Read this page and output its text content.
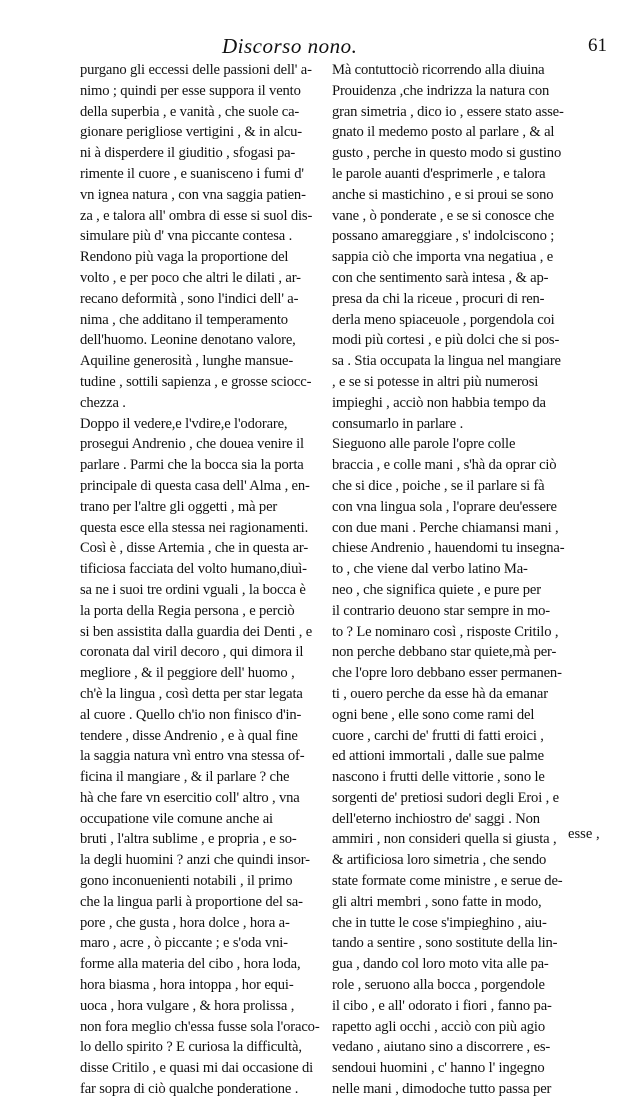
Discorso nono.	61
purgano gli eccessi delle passioni dell' a-
nimo ; quindi per esse suppora il vento
della superbia , e vanità , che suole ca-
gionare perigliose vertigini , & in alcu-
ni à disperdere il giuditio , sfogasi pa-
rimente il cuore , e suanisceno i fumi d'
vn ignea natura , con vna saggia patien-
za , e talora all' ombra di esse si suol dis-
simulare più d' vna piccante contesa .
Rendono più vaga la proportione del
volto , e per poco che altri le dilati , ar-
recano deformità , sono l'indici dell' a-
nima , che additano il temperamento
dell'huomo. Leonine denotano valore,
Aquiline generosità , lunghe mansue-
tudine , sottili sapienza , e grosse sciocc-
chezza .
Doppo il vedere,e l'vdire,e l'odorare,
prosegui Andrenio , che douea venire il
parlare . Parmi che la bocca sia la porta
principale di questa casa dell' Alma , en-
trano per l'altre gli oggetti , mà per
questa esce ella stessa nei ragionamenti.
Così è , disse Artemia , che in questa ar-
tificiosa facciata del volto humano,diuì-
sa ne i suoi tre ordini vguali , la bocca è
la porta della Regia persona , e perciò
si ben assistita dalla guardia dei Denti , e
coronata dal viril decoro , qui dimora il
megliore , & il peggiore dell' huomo ,
ch'è la lingua , così detta per star legata
al cuore . Quello ch'io non finisco d'in-
tendere , disse Andrenio , e à qual fine
la saggia natura vnì entro vna stessa of-
ficina il mangiare , & il parlare ? che
hà che fare vn esercitio coll' altro , vna
occupatione vile comune anche ai
bruti , l'altra sublime , e propria , e so-
la degli huomini ? anzi che quindi insor-
gono inconuenienti notabili , il primo
che la lingua parli à proportione del sa-
pore , che gusta , hora dolce , hora a-
maro , acre , ò piccante ; e s'oda vni-
forme alla materia del cibo , hora loda,
hora biasma , hora intoppa , hor equi-
uoca , hora vulgare , & hora prolissa ,
non fora meglio ch'essa fusse sola l'oraco-
lo dello spirito ? E curiosa la difficultà,
disse Critilo , e quasi mi dai occasione di
far sopra di ciò qualche ponderatione .
Mà contuttociò ricorrendo alla diuina
Prouidenza ,che indrizza la natura con
gran simetria , dico io , essere stato asse-
gnato il medemo posto al parlare , & al
gusto , perche in questo modo si gustino
le parole auanti d'esprimerle , e talora
anche si mastichino , e si proui se sono
vane , ò ponderate , e se si conosce che
possano amareggiare , s' indolciscono ;
sappia ciò che importa vna negatiua , e
con che sentimento sarà intesa , & ap-
presa da chi la riceue , procuri di ren-
derla meno spiaceuole , porgendola coi
modi più cortesi , e più dolci che si pos-
sa . Stia occupata la lingua nel mangiare
, e se si potesse in altri più numerosi
impieghi , acciò non habbia tempo da
consumarlo in parlare .
Sieguono alle parole l'opre colle
braccia , e colle mani , s'hà da oprar ciò
che si dice , poiche , se il parlare si fà
con vna lingua sola , l'oprare deu'essere
con due mani . Perche chiamansi mani ,
chiese Andrenio , hauendomi tu insegna-
to , che viene dal verbo latino Ma-
neo , che significa quiete , e pure per
il contrario deuono star sempre in mo-
to ? Le nominaro così , risposte Critilo ,
non perche debbano star quiete,mà per-
che l'opre loro debbano esser permanen-
ti , ouero perche da esse hà da emanar
ogni bene , elle sono come rami del
cuore , carchi de' frutti di fatti eroici ,
ed attioni immortali , dalle sue palme
nascono i frutti delle vittorie , sono le
sorgenti de' pretiosi sudori degli Eroi , e
dell'eterno inchiostro de' saggi . Non
ammiri , non consideri quella si giusta ,
& artificiosa loro simetria , che sendo
state formate come ministre , e serue de-
gli altri membri , sono fatte in modo,
che in tutte le cose s'impieghino , aiu-
tando a sentire , sono sostitute della lin-
gua , dando col loro moto vita alle pa-
role , seruono alla bocca , porgendole
il cibo , e all' odorato i fiori , fanno pa-
rapetto agli occhi , acciò con più agio
vedano , aiutano sino a discorrere , es-
sendoui huomini , c' hanno l' ingegno
nelle mani , dimodoche tutto passa per
esse ,
